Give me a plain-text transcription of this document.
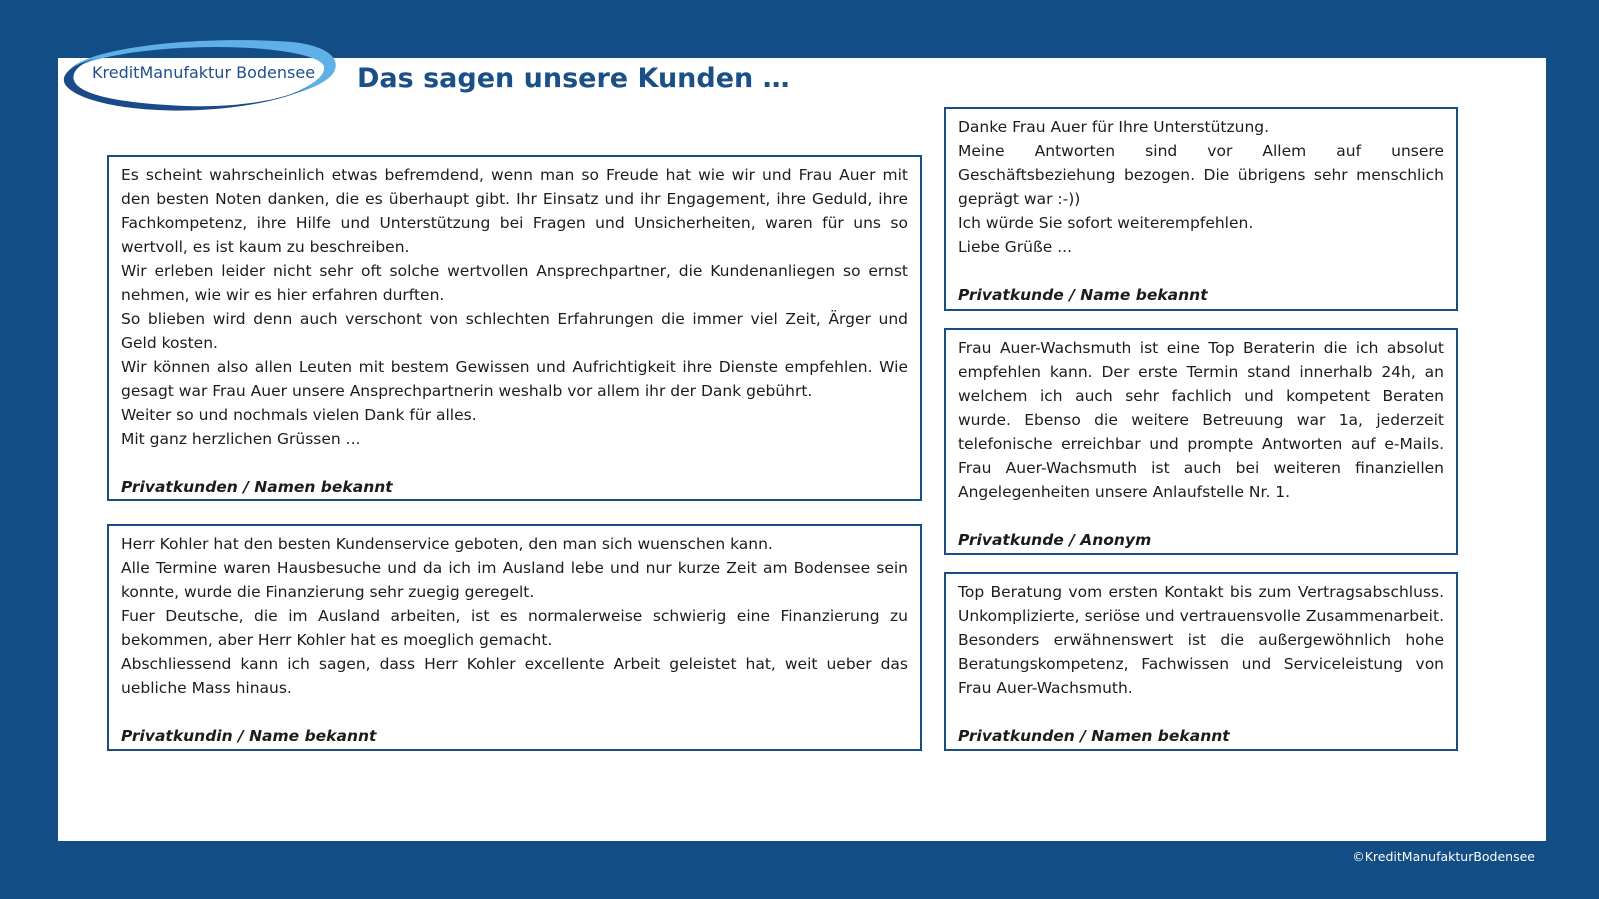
KreditManufaktur Bodensee Das sagen unsere Kunden …

Es scheint wahrscheinlich etwas befremdend, wenn man so Freude hat wie wir und Frau Auer mit den besten Noten danken, die es überhaupt gibt. Ihr Einsatz und ihr Engagement, ihre Geduld, ihre Fachkompetenz, ihre Hilfe und Unterstützung bei Fragen und Unsicherheiten, waren für uns so wertvoll, es ist kaum zu beschreiben.

Wir erleben leider nicht sehr oft solche wertvollen Ansprechpartner, die Kundenanliegen so ernst nehmen, wie wir es hier erfahren durften.

So blieben wird denn auch verschont von schlechten Erfahrungen die immer viel Zeit, Ärger und Geld kosten.

Wir können also allen Leuten mit bestem Gewissen und Aufrichtigkeit ihre Dienste empfehlen. Wie gesagt war Frau Auer unsere Ansprechpartnerin weshalb vor allem ihr der Dank gebührt.

Weiter so und nochmals vielen Dank für alles.

Mit ganz herzlichen Grüssen ...

Privatkunden / Namen bekannt

Herr Kohler hat den besten Kundenservice geboten, den man sich wuenschen kann.

Alle Termine waren Hausbesuche und da ich im Ausland lebe und nur kurze Zeit am Bodensee sein konnte, wurde die Finanzierung sehr zuegig geregelt.

Fuer Deutsche, die im Ausland arbeiten, ist es normalerweise schwierig eine Finanzierung zu bekommen, aber Herr Kohler hat es moeglich gemacht.

Abschliessend kann ich sagen, dass Herr Kohler excellente Arbeit geleistet hat, weit ueber das uebliche Mass hinaus.

Privatkundin / Name bekannt

Danke Frau Auer für Ihre Unterstützung.

Meine Antworten sind vor Allem auf unsere Geschäftsbeziehung bezogen. Die übrigens sehr menschlich geprägt war :-))

Ich würde Sie sofort weiterempfehlen.

Liebe Grüße ...

Privatkunde / Name bekannt

Frau Auer-Wachsmuth ist eine Top Beraterin die ich absolut empfehlen kann. Der erste Termin stand innerhalb 24h, an welchem ich auch sehr fachlich und kompetent Beraten wurde. Ebenso die weitere Betreuung war 1a, jederzeit telefonische erreichbar und prompte Antworten auf e-Mails. Frau Auer-Wachsmuth ist auch bei weiteren finanziellen Angelegenheiten unsere Anlaufstelle Nr. 1.

Privatkunde / Anonym

Top Beratung vom ersten Kontakt bis zum Vertragsabschluss. Unkomplizierte, seriöse und vertrauensvolle Zusammenarbeit. Besonders erwähnenswert ist die außergewöhnlich hohe Beratungskompetenz, Fachwissen und Serviceleistung von Frau Auer-Wachsmuth.

Privatkunden / Namen bekannt

©KreditManufakturBodensee
